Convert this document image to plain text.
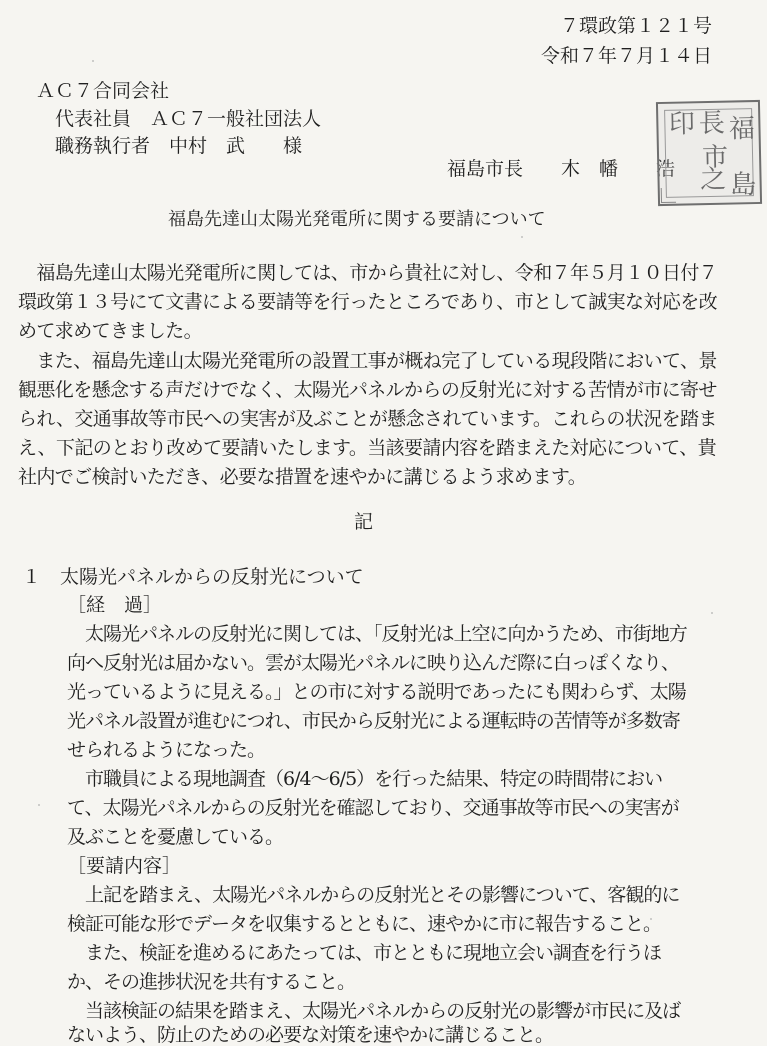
７環政第１２１号
令和７年７月１４日
ＡＣ７合同会社
代表社員　ＡＣ７一般社団法人
職務執行者　中村　武　　様
福島市長　　木　幡　　浩
福 島 市
長 之
印
福島先達山太陽光発電所に関する要請について
　福島先達山太陽光発電所に関しては、市から貴社に対し、令和７年５月１０日付７
環政第１３号にて文書による要請等を行ったところであり、市として誠実な対応を改
めて求めてきました。
　また、福島先達山太陽光発電所の設置工事が概ね完了している現段階において、景
観悪化を懸念する声だけでなく、太陽光パネルからの反射光に対する苦情が市に寄せ
られ、交通事故等市民への実害が及ぶことが懸念されています。これらの状況を踏ま
え、下記のとおり改めて要請いたします。当該要請内容を踏まえた対応について、貴
社内でご検討いただき、必要な措置を速やかに講じるよう求めます。
記
１　太陽光パネルからの反射光について
［経　過］
　太陽光パネルの反射光に関しては、「反射光は上空に向かうため、市街地方
向へ反射光は届かない。雲が太陽光パネルに映り込んだ際に白っぽくなり、
光っているように見える。」との市に対する説明であったにも関わらず、太陽
光パネル設置が進むにつれ、市民から反射光による運転時の苦情等が多数寄
せられるようになった。
　市職員による現地調査（6/4〜6/5）を行った結果、特定の時間帯におい
て、太陽光パネルからの反射光を確認しており、交通事故等市民への実害が
及ぶことを憂慮している。
［要請内容］
　上記を踏まえ、太陽光パネルからの反射光とその影響について、客観的に
検証可能な形でデータを収集するとともに、速やかに市に報告すること。
　また、検証を進めるにあたっては、市とともに現地立会い調査を行うほ
か、その進捗状況を共有すること。
　当該検証の結果を踏まえ、太陽光パネルからの反射光の影響が市民に及ば
ないよう、防止のための必要な対策を速やかに講じること。
